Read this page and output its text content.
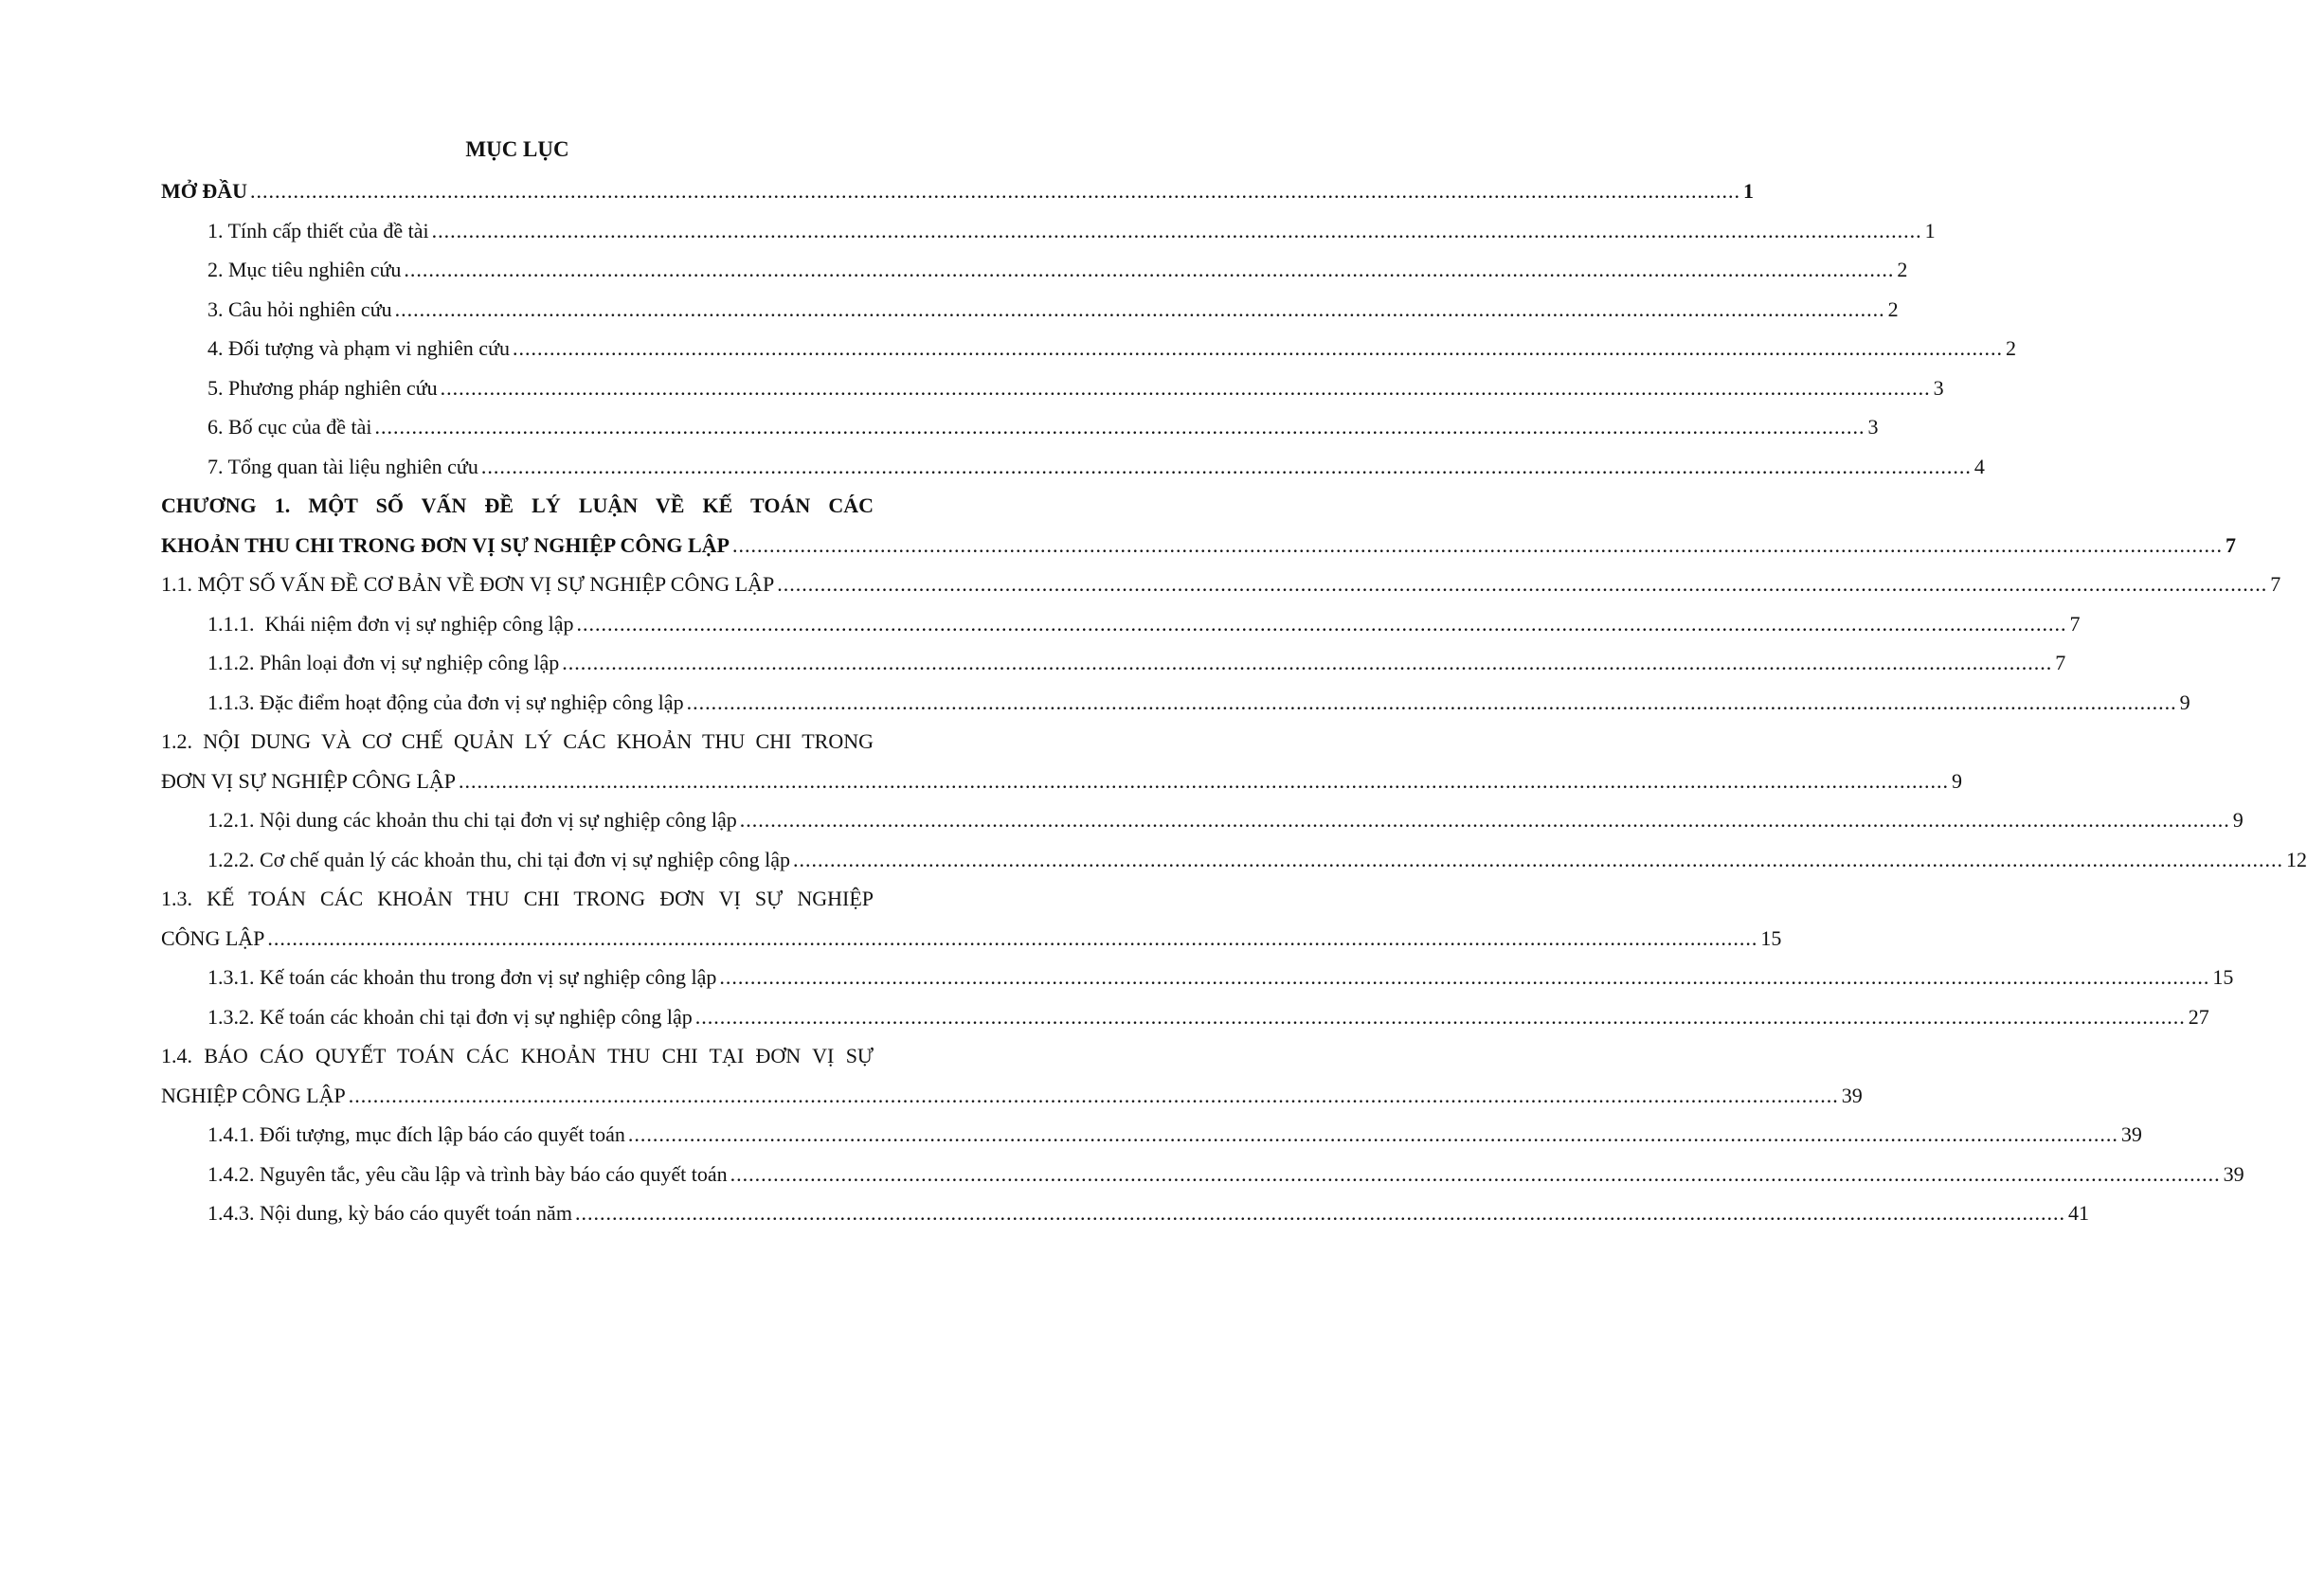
MỤC LỤC
MỞ ĐẦU .....	1
1. Tính cấp thiết của đề tài .....	1
2. Mục tiêu nghiên cứu .....	2
3. Câu hỏi nghiên cứu .....	2
4. Đối tượng và phạm vi nghiên cứu .....	2
5. Phương pháp nghiên cứu .....	3
6. Bố cục của đề tài .....	3
7. Tổng quan tài liệu nghiên cứu .....	4
CHƯƠNG 1. MỘT SỐ VẤN ĐỀ LÝ LUẬN VỀ KẾ TOÁN CÁC
KHOẢN THU CHI TRONG ĐƠN VỊ SỰ NGHIỆP CÔNG LẬP .....	7
1.1. MỘT SỐ VẤN ĐỀ CƠ BẢN VỀ ĐƠN VỊ SỰ NGHIỆP CÔNG LẬP .....	7
1.1.1.  Khái niệm đơn vị sự nghiệp công lập .....	7
1.1.2. Phân loại đơn vị sự nghiệp công lập .....	7
1.1.3. Đặc điểm hoạt động của đơn vị sự nghiệp công lập .....	9
1.2. NỘI DUNG VÀ CƠ CHẾ QUẢN LÝ CÁC KHOẢN THU CHI TRONG
ĐƠN VỊ SỰ NGHIỆP CÔNG LẬP .....	9
1.2.1. Nội dung các khoản thu chi tại đơn vị sự nghiệp công lập .....	9
1.2.2. Cơ chế quản lý các khoản thu, chi tại đơn vị sự nghiệp công lập .....	12
1.3. KẾ TOÁN CÁC KHOẢN THU CHI TRONG ĐƠN VỊ SỰ NGHIỆP
CÔNG LẬP .....	15
1.3.1. Kế toán các khoản thu trong đơn vị sự nghiệp công lập .....	15
1.3.2. Kế toán các khoản chi tại đơn vị sự nghiệp công lập .....	27
1.4. BÁO CÁO QUYẾT TOÁN CÁC KHOẢN THU CHI TẠI ĐƠN VỊ SỰ
NGHIỆP CÔNG LẬP .....	39
1.4.1. Đối tượng, mục đích lập báo cáo quyết toán .....	39
1.4.2. Nguyên tắc, yêu cầu lập và trình bày báo cáo quyết toán .....	39
1.4.3. Nội dung, kỳ báo cáo quyết toán năm .....	41
